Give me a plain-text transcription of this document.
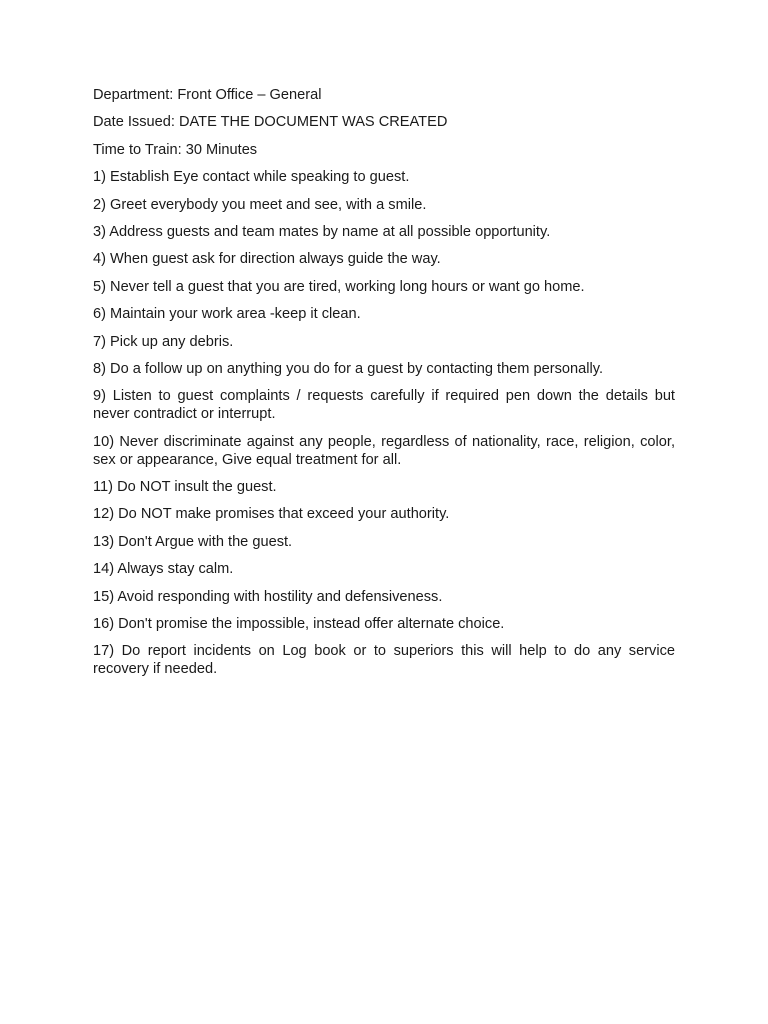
Department: Front Office – General

Date Issued: DATE THE DOCUMENT WAS CREATED

Time to Train: 30 Minutes

1) Establish Eye contact while speaking to guest.

2) Greet everybody you meet and see, with a smile.

3) Address guests and team mates by name at all possible opportunity.

4) When guest ask for direction always guide the way.

5) Never tell a guest that you are tired, working long hours or want go home.

6) Maintain your work area -keep it clean.

7) Pick up any debris.

8) Do a follow up on anything you do for a guest by contacting them personally.

9) Listen to guest complaints / requests carefully if required pen down the details but never contradict or interrupt.

10) Never discriminate against any people, regardless of nationality, race, religion, color, sex or appearance, Give equal treatment for all.

11) Do NOT insult the guest.

12) Do NOT make promises that exceed your authority.

13) Don't Argue with the guest.

14) Always stay calm.

15) Avoid responding with hostility and defensiveness.

16) Don't promise the impossible, instead offer alternate choice.

17) Do report incidents on Log book or to superiors this will help to do any service recovery if needed.
